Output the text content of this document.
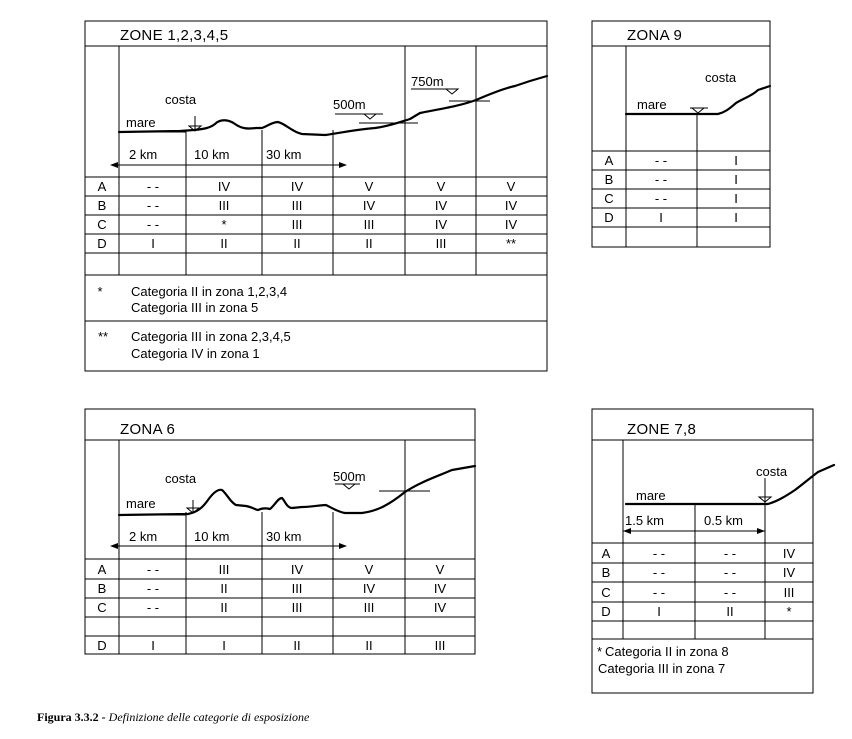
ZONE 1,2,3,4,5
costa
mare
500m
750m
2 km	10 km	30 km
A	- -	IV	IV	V	V	V
B	- -	III	III	IV	IV	IV
C	- -	*	III	III	IV	IV
D	I	II	II	II	III	**
* Categoria II in zona 1,2,3,4
Categoria III in zona 5
** Categoria III in zona 2,3,4,5
Categoria IV in zona 1
ZONA 9
costa
mare
A	- -	I
B	- -	I
C	- -	I
D	I	I
ZONA 6
costa
mare
500m
2 km	10 km	30 km
A	- -	III	IV	V	V
B	- -	II	III	IV	IV
C	- -	II	III	III	IV
D	I	I	II	II	III
ZONE 7,8
costa
mare
1.5 km	0.5 km
A	- -	- -	IV
B	- -	- -	IV
C	- -	- -	III
D	I	II	*
* Categoria II in zona 8
Categoria III in zona 7
Figura 3.3.2 - Definizione delle categorie di esposizione
